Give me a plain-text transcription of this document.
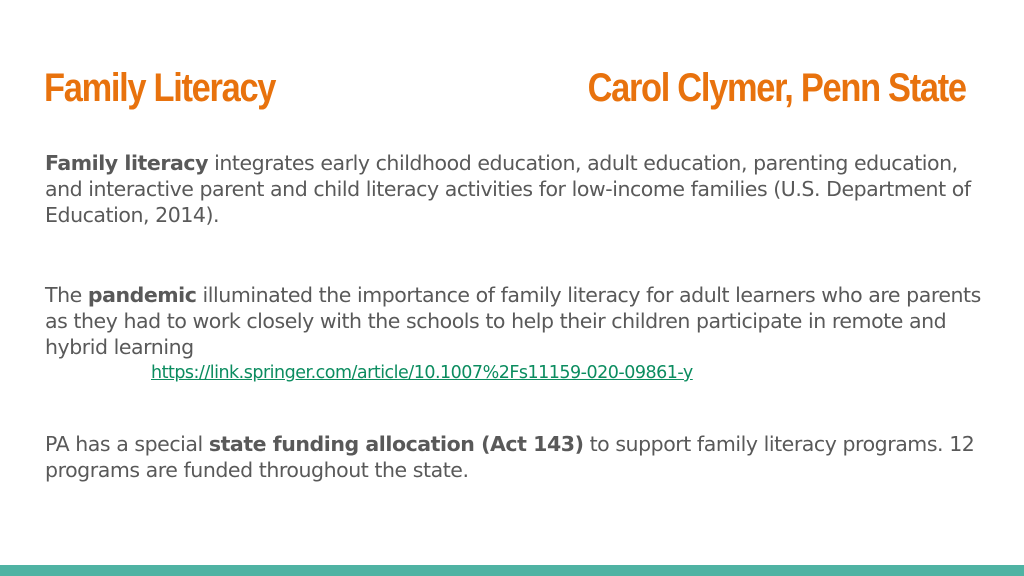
Family Literacy	Carol Clymer, Penn State

Family literacy integrates early childhood education, adult education, parenting education, and interactive parent and child literacy activities for low-income families (U.S. Department of Education, 2014).

The pandemic illuminated the importance of family literacy for adult learners who are parents as they had to work closely with the schools to help their children participate in remote and hybrid learning

https://link.springer.com/article/10.1007%2Fs11159-020-09861-y

PA has a special state funding allocation (Act 143) to support family literacy programs. 12 programs are funded throughout the state.
